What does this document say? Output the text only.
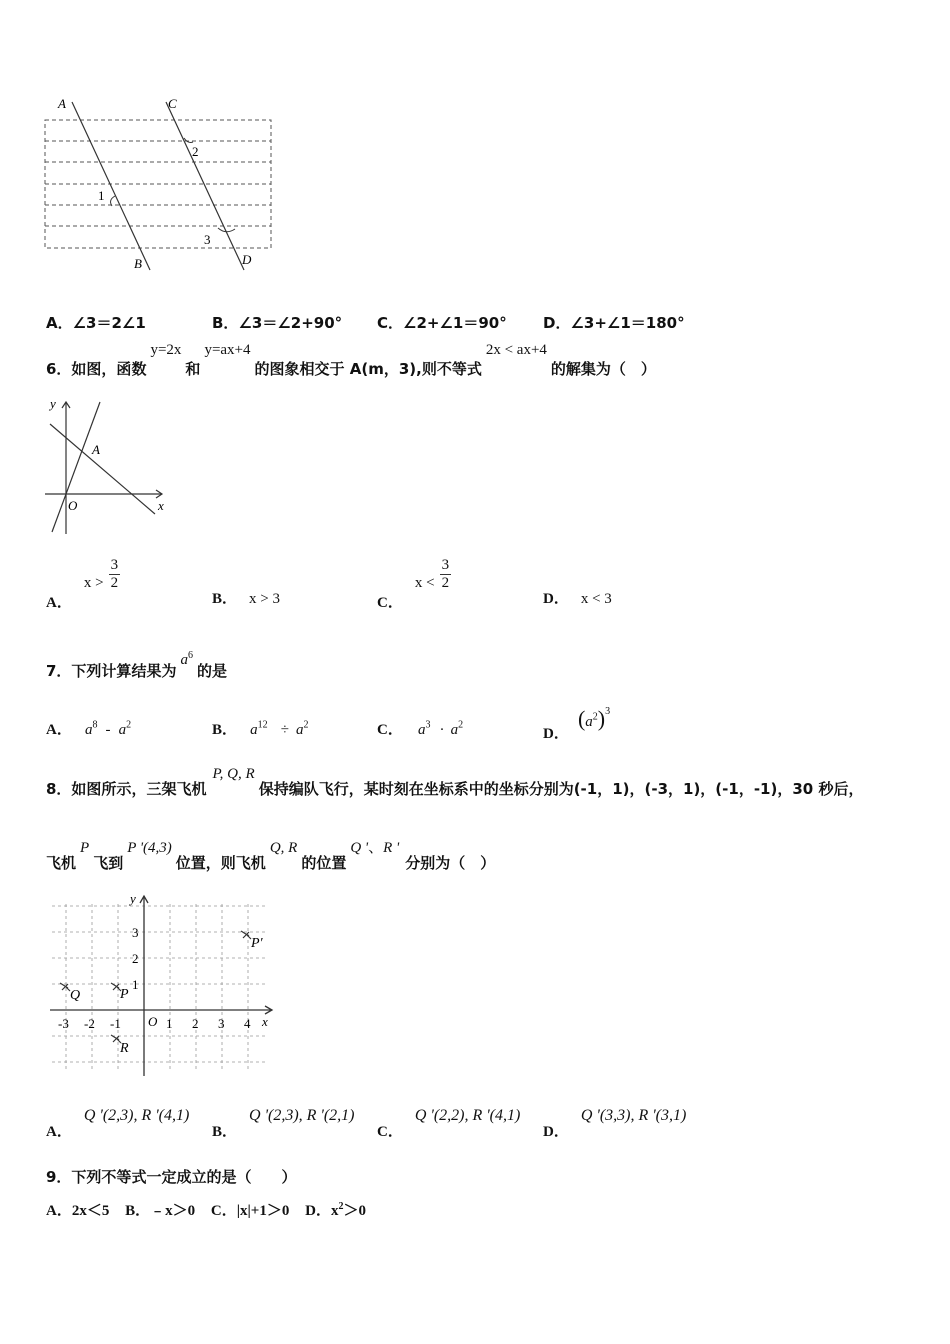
A	C
B	D
1
2
3
A．∠3＝2∠1	B．∠3＝∠2+90° C．∠2+∠1＝90° D．∠3+∠1＝180°
6．如图，函数y=2x和y=ax+4的图象相交于 A(m，3),则不等式2x < ax+4的解集为（　）
y
x
O
A
A．$x > \frac{3}{2}$
B． x > 3	C．$x < \frac{3}{2}$
D． x < 3
7．下列计算结果为$a^6$的是
A． $a^8 - a^2$	B． $a^{12} \div a^2$	C． $a^3 \cdot a^2$
D． $(a^2)^3$
8．如图所示，三架飞机P, Q, R保持编队飞行，某时刻在坐标系中的坐标分别为(-1，1)，(-3，1)，(-1，-1)，30 秒后，
飞机P飞到P '(4,3)位置，则飞机Q, R的位置Q '、R '分别为（　）
y
x
O
-3 -2 -1	1 2 3 4
3
2
1
Q	P
R
P′
A．Q '(2,3), R '(4,1)
B．Q '(2,3), R '(2,1)
C．Q '(2,2), R '(4,1)
D．Q '(3,3), R '(3,1)
9．下列不等式一定成立的是（　　）
A．2x＜5 B．﹣x＞0 C．|x|+1＞0 D．$x^2>0$
